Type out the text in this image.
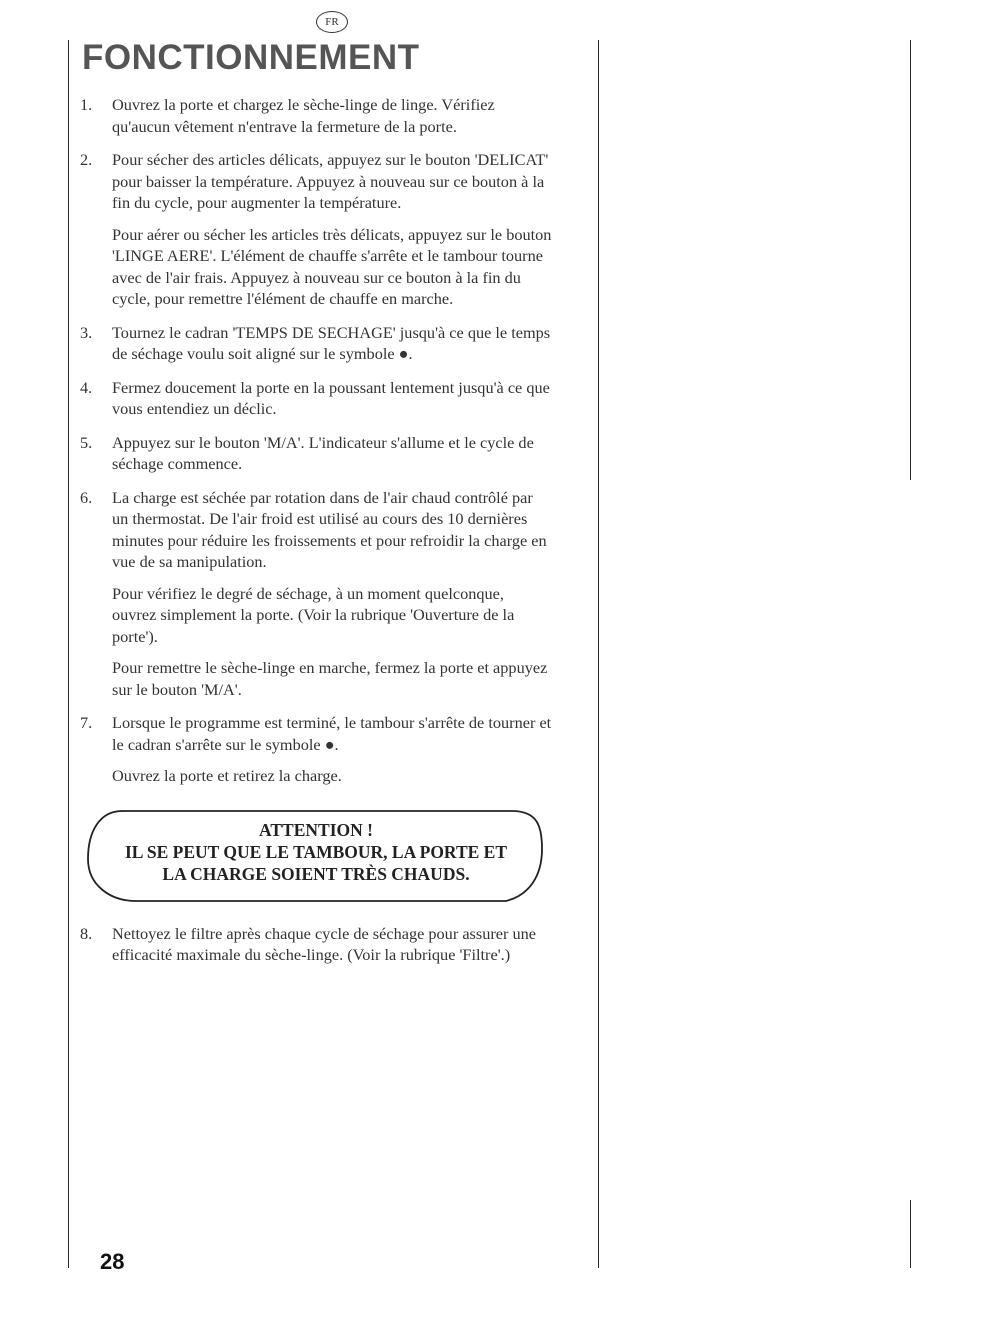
FR
FONCTIONNEMENT
1. Ouvrez la porte et chargez le sèche-linge de linge. Vérifiez qu'aucun vêtement n'entrave la fermeture de la porte.

2. Pour sécher des articles délicats, appuyez sur le bouton 'DELICAT' pour baisser la température. Appuyez à nouveau sur ce bouton à la fin du cycle, pour augmenter la température.

Pour aérer ou sécher les articles très délicats, appuyez sur le bouton 'LINGE AERE'. L'élément de chauffe s'arrête et le tambour tourne avec de l'air frais. Appuyez à nouveau sur ce bouton à la fin du cycle, pour remettre l'élément de chauffe en marche.

3. Tournez le cadran 'TEMPS DE SECHAGE' jusqu'à ce que le temps de séchage voulu soit aligné sur le symbole ●.

4. Fermez doucement la porte en la poussant lentement jusqu'à ce que vous entendiez un déclic.

5. Appuyez sur le bouton 'M/A'. L'indicateur s'allume et le cycle de séchage commence.

6. La charge est séchée par rotation dans de l'air chaud contrôlé par un thermostat. De l'air froid est utilisé au cours des 10 dernières minutes pour réduire les froissements et pour refroidir la charge en vue de sa manipulation.

Pour vérifiez le degré de séchage, à un moment quelconque, ouvrez simplement la porte. (Voir la rubrique 'Ouverture de la porte').

Pour remettre le sèche-linge en marche, fermez la porte et appuyez sur le bouton 'M/A'.

7. Lorsque le programme est terminé, le tambour s'arrête de tourner et le cadran s'arrête sur le symbole ●.

Ouvrez la porte et retirez la charge.

ATTENTION !
IL SE PEUT QUE LE TAMBOUR, LA PORTE ET
LA CHARGE SOIENT TRÈS CHAUDS.
8. Nettoyez le filtre après chaque cycle de séchage pour assurer une efficacité maximale du sèche-linge. (Voir la rubrique 'Filtre'.)

28
